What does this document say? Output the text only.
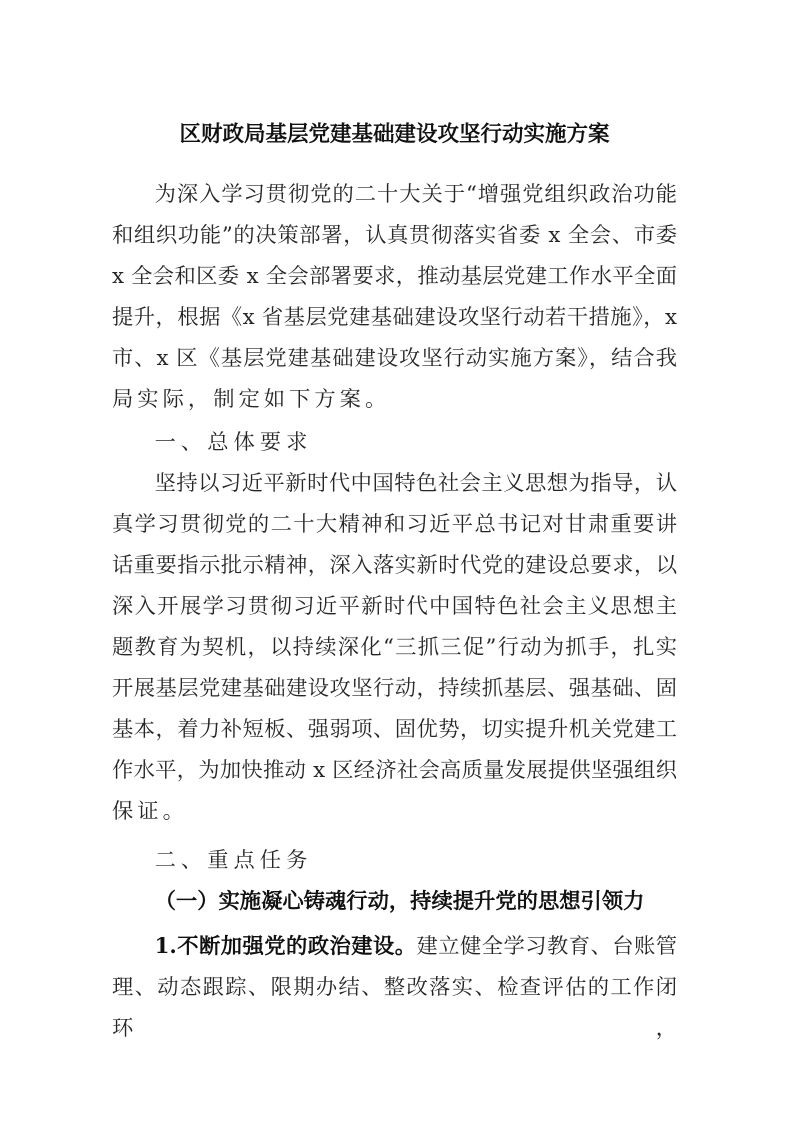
区财政局基层党建基础建设攻坚行动实施方案
为深入学习贯彻党的二十大关于“增强党组织政治功能
和组织功能”的决策部署，认真贯彻落实省委 x 全会、市委
x 全会和区委 x 全会部署要求，推动基层党建工作水平全面
提升，根据《x 省基层党建基础建设攻坚行动若干措施》，x
市、x 区《基层党建基础建设攻坚行动实施方案》，结合我
局实际，制定如下方案。
一、总体要求
坚持以习近平新时代中国特色社会主义思想为指导，认
真学习贯彻党的二十大精神和习近平总书记对甘肃重要讲
话重要指示批示精神，深入落实新时代党的建设总要求，以
深入开展学习贯彻习近平新时代中国特色社会主义思想主
题教育为契机，以持续深化“三抓三促”行动为抓手，扎实
开展基层党建基础建设攻坚行动，持续抓基层、强基础、固
基本，着力补短板、强弱项、固优势，切实提升机关党建工
作水平，为加快推动 x 区经济社会高质量发展提供坚强组织
保证。
二、重点任务
（一）实施凝心铸魂行动，持续提升党的思想引领力
1.不断加强党的政治建设。建立健全学习教育、台账管
理、动态跟踪、限期办结、整改落实、检查评估的工作闭环，
